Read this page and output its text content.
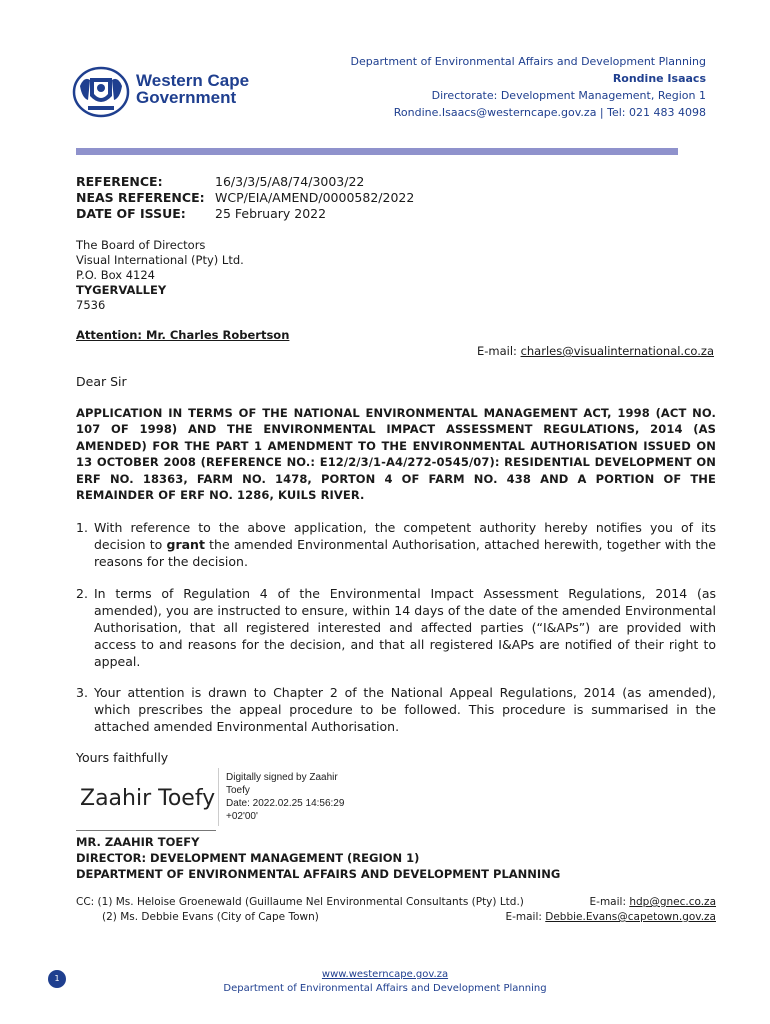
Western Cape
Government
Department of Environmental Affairs and Development Planning
Rondine Isaacs
Directorate: Development Management, Region 1
Rondine.Isaacs@westerncape.gov.za | Tel: 021 483 4098
REFERENCE:	16/3/3/5/A8/74/3003/22
NEAS REFERENCE: WCP/EIA/AMEND/0000582/2022
DATE OF ISSUE:	25 February 2022
The Board of Directors
Visual International (Pty) Ltd.
P.O. Box 4124
TYGERVALLEY
7536
Attention: Mr. Charles Robertson
E-mail: charles@visualinternational.co.za
Dear Sir
APPLICATION IN TERMS OF THE NATIONAL ENVIRONMENTAL MANAGEMENT ACT, 1998 (ACT NO. 107 OF 1998) AND THE ENVIRONMENTAL IMPACT ASSESSMENT REGULATIONS, 2014 (AS AMENDED) FOR THE PART 1 AMENDMENT TO THE ENVIRONMENTAL AUTHORISATION ISSUED ON 13 OCTOBER 2008 (REFERENCE NO.: E12/2/3/1-A4/272-0545/07): RESIDENTIAL DEVELOPMENT ON ERF NO. 18363, FARM NO. 1478, PORTON 4 OF FARM NO. 438 AND A PORTION OF THE REMAINDER OF ERF NO. 1286, KUILS RIVER.
1. With reference to the above application, the competent authority hereby notifies you of its decision to grant the amended Environmental Authorisation, attached herewith, together with the reasons for the decision.
2. In terms of Regulation 4 of the Environmental Impact Assessment Regulations, 2014 (as amended), you are instructed to ensure, within 14 days of the date of the amended Environmental Authorisation, that all registered interested and affected parties (“I&APs”) are provided with access to and reasons for the decision, and that all registered I&APs are notified of their right to appeal.
3. Your attention is drawn to Chapter 2 of the National Appeal Regulations, 2014 (as amended), which prescribes the appeal procedure to be followed. This procedure is summarised in the attached amended Environmental Authorisation.
Yours faithfully
Zaahir Toefy
Digitally signed by Zaahir
Toefy
Date: 2022.02.25 14:56:29
+02'00'
MR. ZAAHIR TOEFY
DIRECTOR: DEVELOPMENT MANAGEMENT (REGION 1)
DEPARTMENT OF ENVIRONMENTAL AFFAIRS AND DEVELOPMENT PLANNING
CC: (1) Ms. Heloise Groenewald (Guillaume Nel Environmental Consultants (Pty) Ltd.)	E-mail: hdp@gnec.co.za
(2) Ms. Debbie Evans (City of Cape Town)	E-mail: Debbie.Evans@capetown.gov.za
1	www.westerncape.gov.za
Department of Environmental Affairs and Development Planning
